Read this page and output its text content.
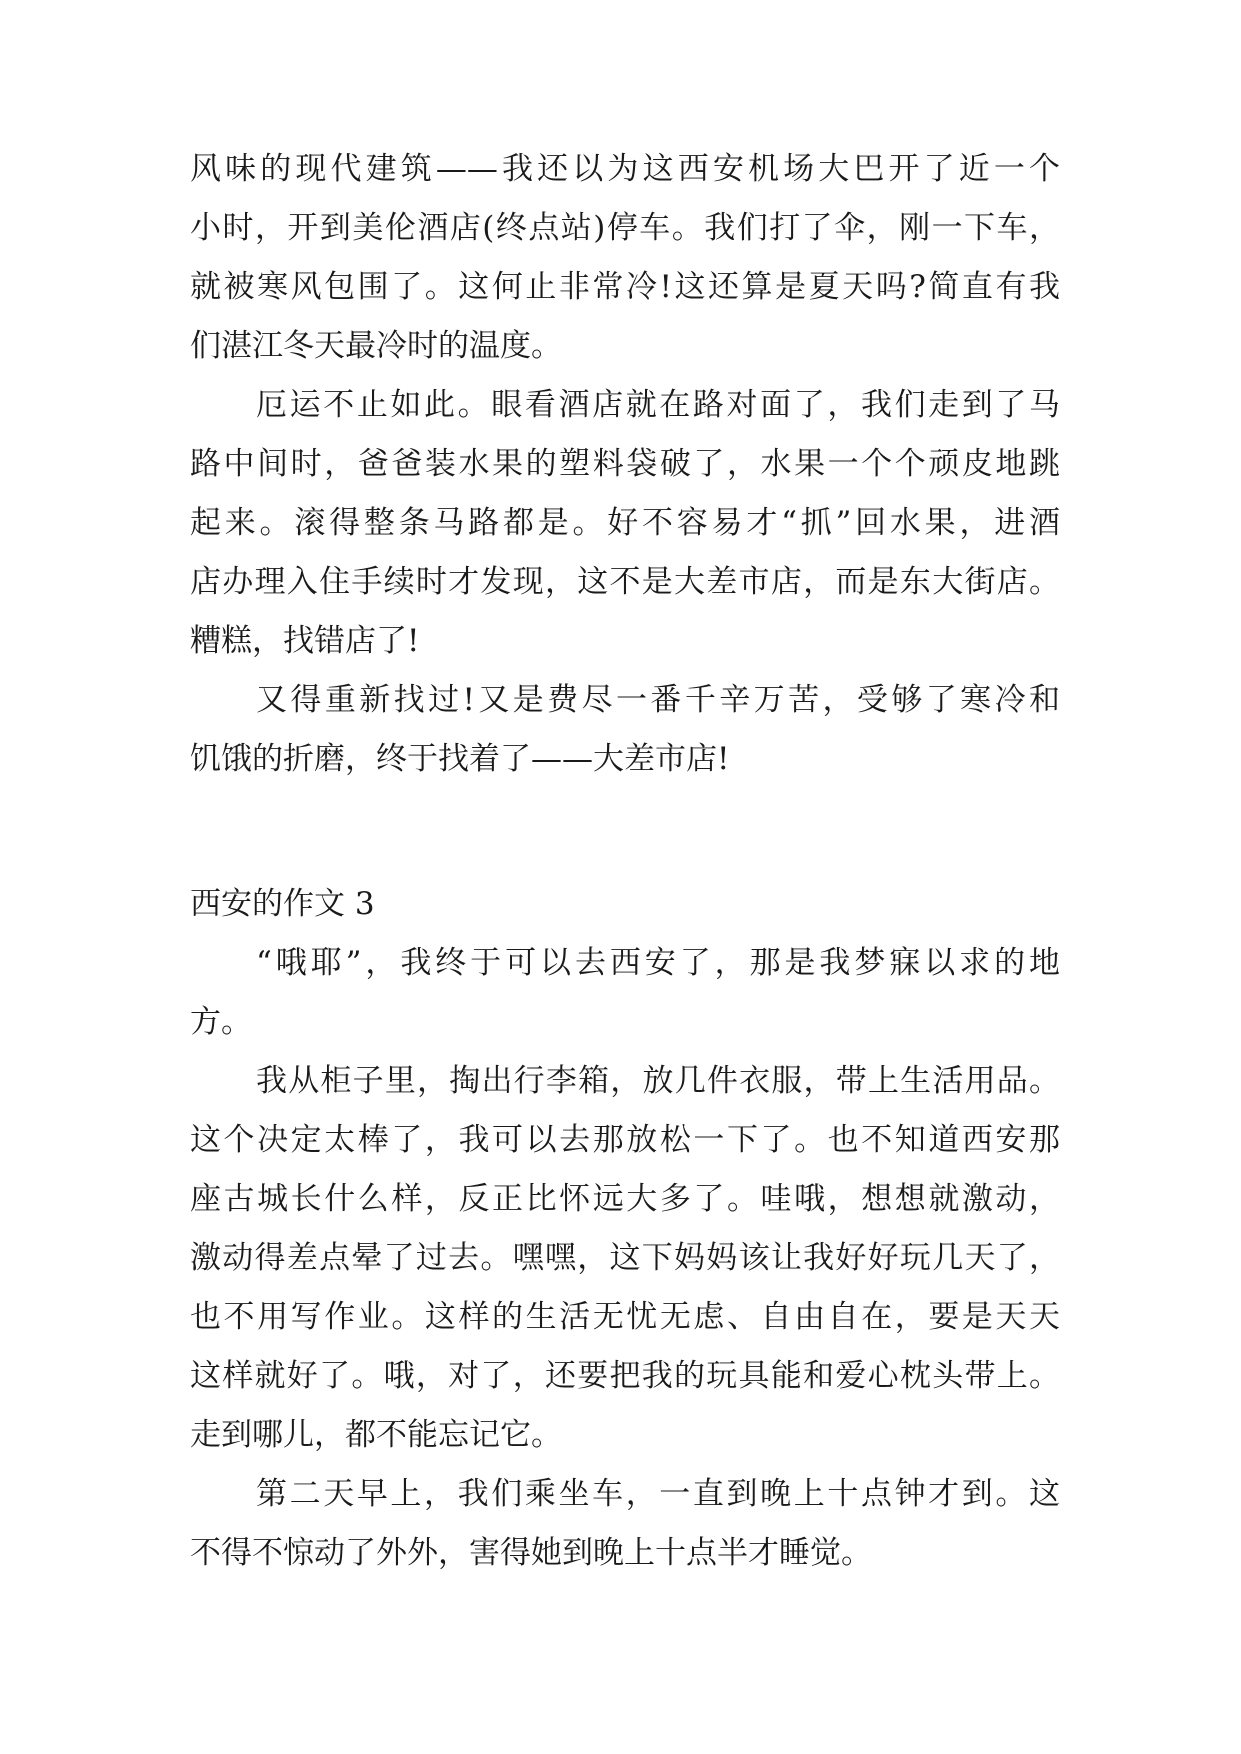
风味的现代建筑——我还以为这西安机场大巴开了近一个
小时，开到美伦酒店(终点站)停车。我们打了伞，刚一下车，
就被寒风包围了。这何止非常冷!这还算是夏天吗?简直有我
们湛江冬天最冷时的温度。
厄运不止如此。眼看酒店就在路对面了，我们走到了马
路中间时，爸爸装水果的塑料袋破了，水果一个个顽皮地跳
起来。滚得整条马路都是。好不容易才“抓”回水果，进酒
店办理入住手续时才发现，这不是大差市店，而是东大街店。
糟糕，找错店了!
又得重新找过!又是费尽一番千辛万苦，受够了寒冷和
饥饿的折磨，终于找着了——大差市店!
西安的作文 3
“哦耶”，我终于可以去西安了，那是我梦寐以求的地
方。
我从柜子里，掏出行李箱，放几件衣服，带上生活用品。
这个决定太棒了，我可以去那放松一下了。也不知道西安那
座古城长什么样，反正比怀远大多了。哇哦，想想就激动，
激动得差点晕了过去。嘿嘿，这下妈妈该让我好好玩几天了，
也不用写作业。这样的生活无忧无虑、自由自在，要是天天
这样就好了。哦，对了，还要把我的玩具能和爱心枕头带上。
走到哪儿，都不能忘记它。
第二天早上，我们乘坐车，一直到晚上十点钟才到。这
不得不惊动了外外，害得她到晚上十点半才睡觉。
